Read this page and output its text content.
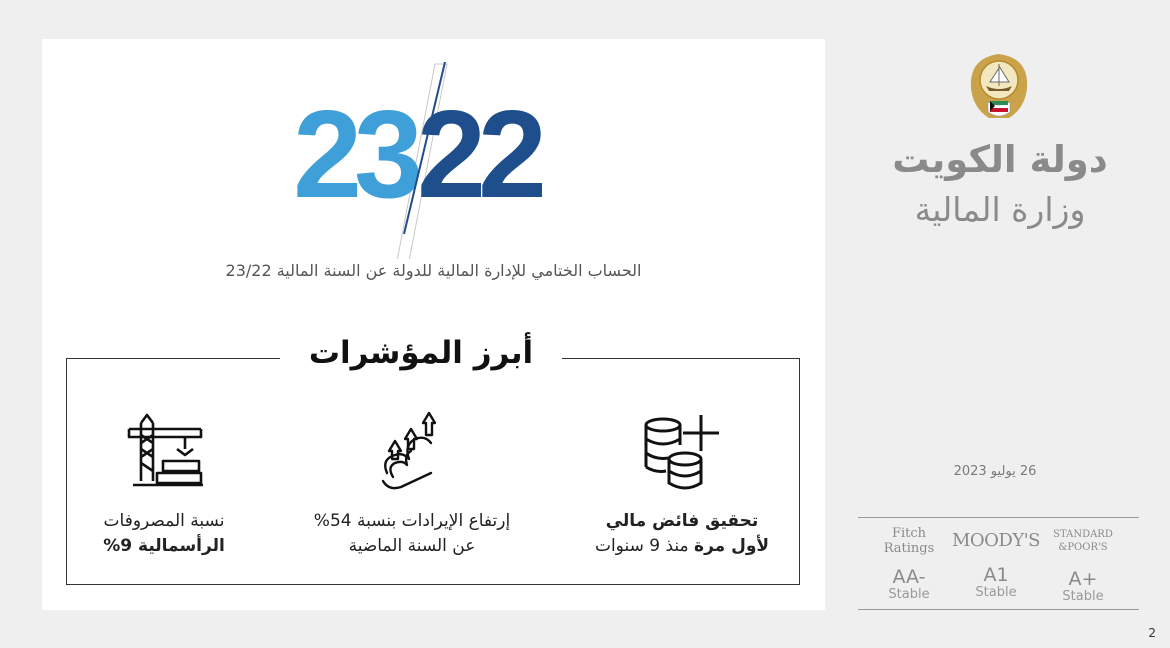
23 22
الحساب الختامي للإدارة المالية للدولة عن السنة المالية 23/22
أبرز المؤشرات
تحقيق فائض مالي
لأول مرة منذ 9 سنوات
إرتفاع الإيرادات بنسبة 54%
عن السنة الماضية
نسبة المصروفات
الرأسمالية 9%
دولة الكويت
وزارة المالية
26 يوليو 2023
Fitch
Ratings
AA-
Stable
MOODY'S
A1
Stable
STANDARD
&POOR'S
A+
Stable
2
